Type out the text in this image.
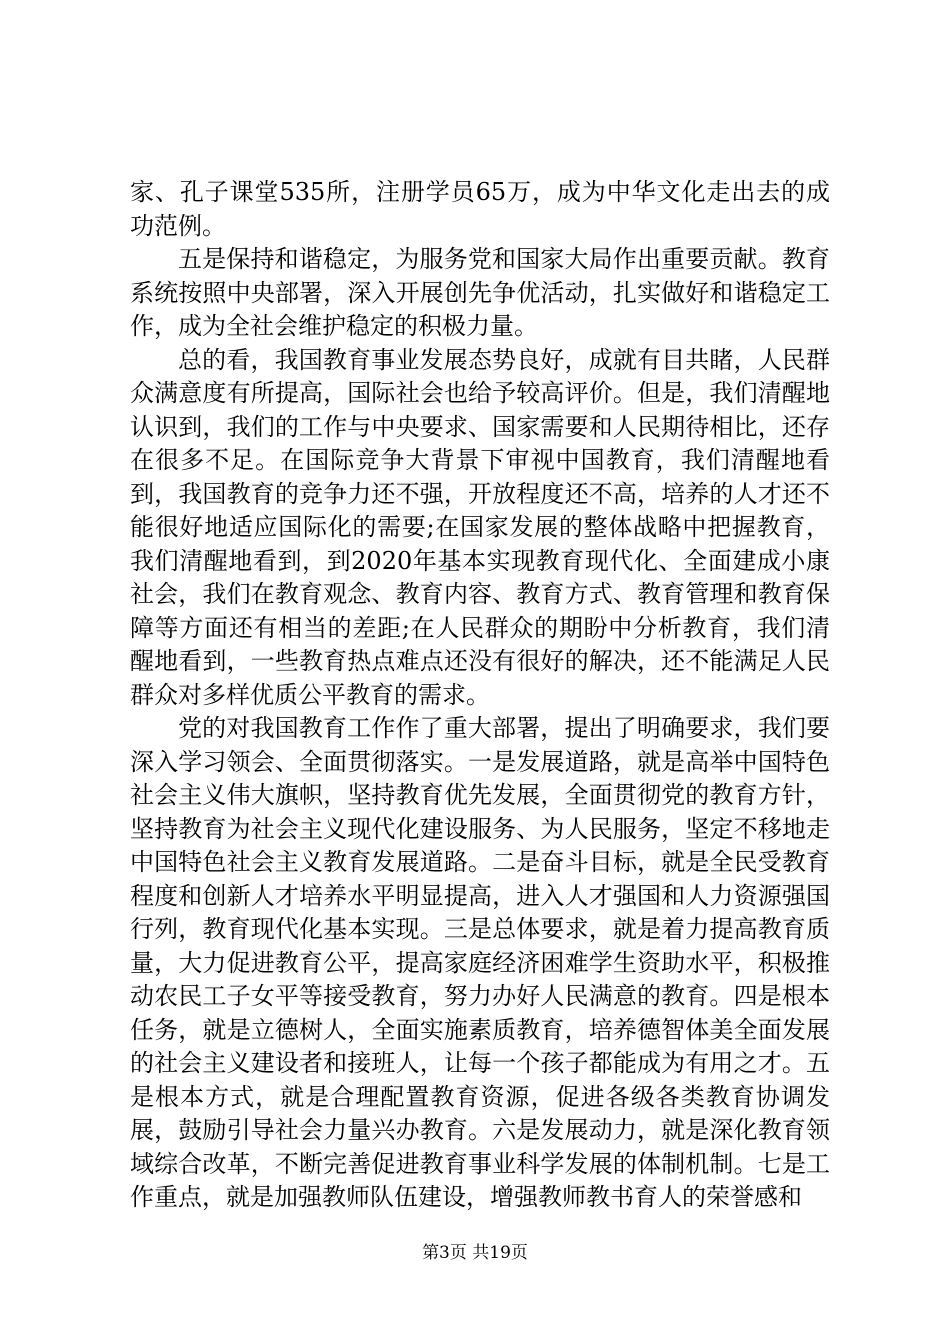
家、孔子课堂535所，注册学员65万，成为中华文化走出去的成功范例。

五是保持和谐稳定，为服务党和国家大局作出重要贡献。教育系统按照中央部署，深入开展创先争优活动，扎实做好和谐稳定工作，成为全社会维护稳定的积极力量。

总的看，我国教育事业发展态势良好，成就有目共睹，人民群众满意度有所提高，国际社会也给予较高评价。但是，我们清醒地认识到，我们的工作与中央要求、国家需要和人民期待相比，还存在很多不足。在国际竞争大背景下审视中国教育，我们清醒地看到，我国教育的竞争力还不强，开放程度还不高，培养的人才还不能很好地适应国际化的需要;在国家发展的整体战略中把握教育，我们清醒地看到，到2020年基本实现教育现代化、全面建成小康社会，我们在教育观念、教育内容、教育方式、教育管理和教育保障等方面还有相当的差距;在人民群众的期盼中分析教育，我们清醒地看到，一些教育热点难点还没有很好的解决，还不能满足人民群众对多样优质公平教育的需求。

党的对我国教育工作作了重大部署，提出了明确要求，我们要深入学习领会、全面贯彻落实。一是发展道路，就是高举中国特色社会主义伟大旗帜，坚持教育优先发展，全面贯彻党的教育方针，坚持教育为社会主义现代化建设服务、为人民服务，坚定不移地走中国特色社会主义教育发展道路。二是奋斗目标，就是全民受教育程度和创新人才培养水平明显提高，进入人才强国和人力资源强国行列，教育现代化基本实现。三是总体要求，就是着力提高教育质量，大力促进教育公平，提高家庭经济困难学生资助水平，积极推动农民工子女平等接受教育，努力办好人民满意的教育。四是根本任务，就是立德树人，全面实施素质教育，培养德智体美全面发展的社会主义建设者和接班人，让每一个孩子都能成为有用之才。五是根本方式，就是合理配置教育资源，促进各级各类教育协调发展，鼓励引导社会力量兴办教育。六是发展动力，就是深化教育领域综合改革，不断完善促进教育事业科学发展的体制机制。七是工作重点，就是加强教师队伍建设，增强教师教书育人的荣誉感和

第3页 共19页
